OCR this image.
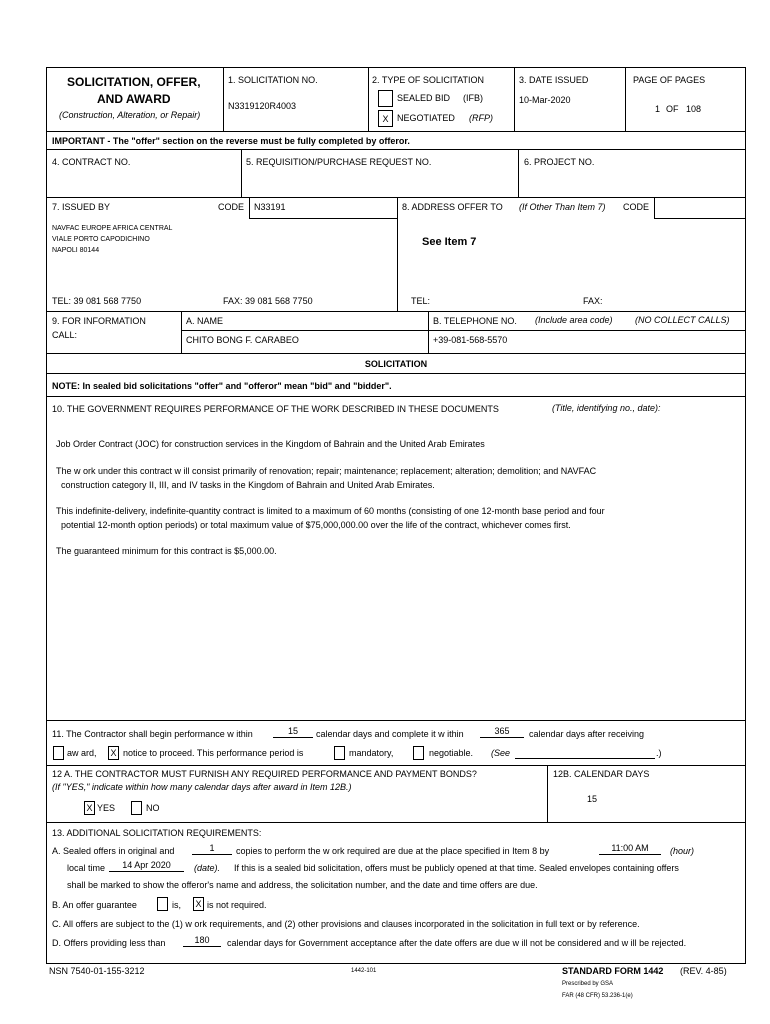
SOLICITATION, OFFER,
AND AWARD
(Construction, Alteration, or Repair)
1. SOLICITATION NO.
N3319120R4003
2. TYPE OF SOLICITATION
SEALED BID (IFB)
X NEGOTIATED (RFP)
3. DATE ISSUED
10-Mar-2020
PAGE OF PAGES
1 OF 108
IMPORTANT - The "offer" section on the reverse must be fully completed by offeror.
4. CONTRACT NO.	5. REQUISITION/PURCHASE REQUEST NO.	6. PROJECT NO.
7. ISSUED BY	CODE N33191
NAVFAC EUROPE AFRICA CENTRAL
VIALE PORTO CAPODICHINO
NAPOLI 80144
TEL: 39 081 568 7750	FAX: 39 081 568 7750
8. ADDRESS OFFER TO (If Other Than Item 7) CODE
See Item 7
TEL:	FAX:
9. FOR INFORMATION
CALL:
A. NAME
CHITO BONG F. CARABEO
B. TELEPHONE NO. (Include area code) (NO COLLECT CALLS)
+39-081-568-5570
SOLICITATION
NOTE: In sealed bid solicitations "offer" and "offeror" mean "bid" and "bidder".
10. THE GOVERNMENT REQUIRES PERFORMANCE OF THE WORK DESCRIBED IN THESE DOCUMENTS	(Title, identifying no., date):
Job Order Contract (JOC) for construction services in the Kingdom of Bahrain and the United Arab Emirates
The w ork under this contract w ill consist primarily of renovation; repair; maintenance; replacement; alteration; demolition; and NAVFAC
construction category II, III, and IV tasks in the Kingdom of Bahrain and United Arab Emirates.
This indefinite-delivery, indefinite-quantity contract is limited to a maximum of 60 months (consisting of one 12-month base period and four
potential 12-month option periods) or total maximum value of $75,000,000.00 over the life of the contract, whichever comes first.
The guaranteed minimum for this contract is $5,000.00.
11. The Contractor shall begin performance w ithin	15	calendar days and complete it w ithin	365	calendar days after receiving
aw ard, X notice to proceed. This performance period is	mandatory,	negotiable. (See	.)
12 A. THE CONTRACTOR MUST FURNISH ANY REQUIRED PERFORMANCE AND PAYMENT BONDS?
(If "YES," indicate within how many calendar days after award in Item 12B.)
X YES	NO
12B. CALENDAR DAYS
15
13. ADDITIONAL SOLICITATION REQUIREMENTS:
A. Sealed offers in original and	1	copies to perform the w ork required are due at the place specified in Item 8 by	11:00 AM	(hour)
local time	14 Apr 2020	(date). If this is a sealed bid solicitation, offers must be publicly opened at that time. Sealed envelopes containing offers
shall be marked to show the offeror's name and address, the solicitation number, and the date and time offers are due.
B. An offer guarantee	is, X is not required.
C. All offers are subject to the (1) w ork requirements, and (2) other provisions and clauses incorporated in the solicitation in full text or by reference.
D. Offers providing less than	180	calendar days for Government acceptance after the date offers are due w ill not be considered and w ill be rejected.
NSN 7540-01-155-3212	1442-101	STANDARD FORM 1442 (REV. 4-85)
Prescribed by GSA
FAR (48 CFR) 53.236-1(e)
